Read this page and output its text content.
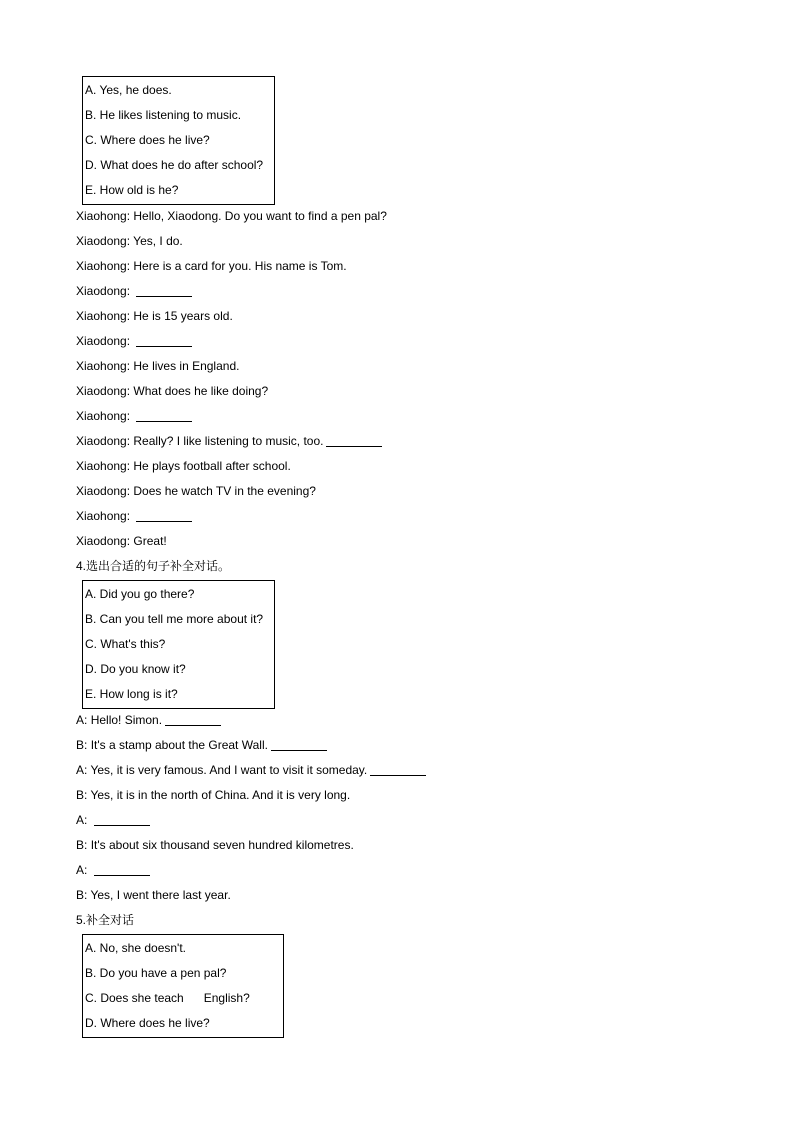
A. Yes, he does.
B. He likes listening to music.
C. Where does he live?
D. What does he do after school?
E. How old is he?
Xiaohong: Hello, Xiaodong. Do you want to find a pen pal?
Xiaodong: Yes, I do.
Xiaohong: Here is a card for you. His name is Tom.
Xiaodong:
Xiaohong: He is 15 years old.
Xiaodong:
Xiaohong: He lives in England.
Xiaodong: What does he like doing?
Xiaohong:
Xiaodong: Really? I like listening to music, too.
Xiaohong: He plays football after school.
Xiaodong: Does he watch TV in the evening?
Xiaohong:
Xiaodong: Great!
4.选出合适的句子补全对话。
A. Did you go there?
B. Can you tell me more about it?
C. What's this?
D. Do you know it?
E. How long is it?
A: Hello! Simon.
B: It's a stamp about the Great Wall.
A: Yes, it is very famous. And I want to visit it someday.
B: Yes, it is in the north of China. And it is very long.
A:
B: It's about six thousand seven hundred kilometres.
A:
B: Yes, I went there last year.
5.补全对话
A. No, she doesn't.
B. Do you have a pen pal?
C. Does she teach      English?
D. Where does he live?
